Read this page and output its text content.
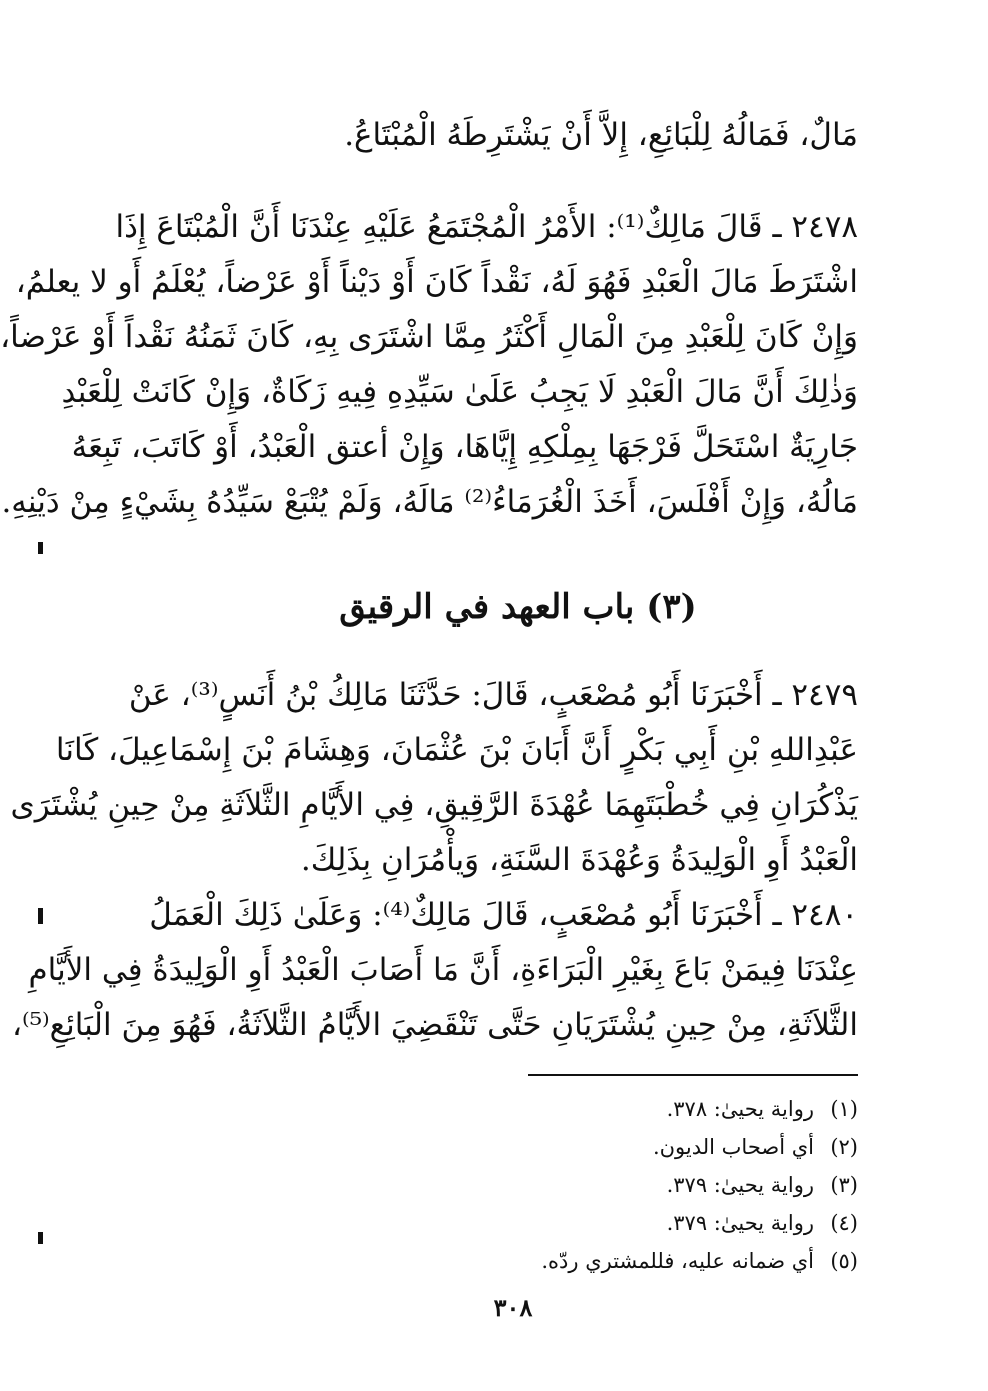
مَالٌ، فَمَالُهُ لِلْبَائِعِ، إِلاَّ أَنْ يَشْتَرِطَهُ الْمُبْتَاعُ.

٢٤٧٨ ـ قَالَ مَالِكٌ⁽¹⁾: الأَمْرُ الْمُجْتَمَعُ عَلَيْهِ عِنْدَنَا أَنَّ الْمُبْتَاعَ إِذَا
اشْتَرَطَ مَالَ الْعَبْدِ فَهُوَ لَهُ، نَقْداً كَانَ أَوْ دَيْناً أَوْ عَرْضاً، يُعْلَمُ أَو لا يعلمُ،
وَإِنْ كَانَ لِلْعَبْدِ مِنَ الْمَالِ أَكْثَرُ مِمَّا اشْتَرَى بِهِ، كَانَ ثَمَنُهُ نَقْداً أَوْ عَرْضاً،
وَذٰلِكَ أَنَّ مَالَ الْعَبْدِ لَا يَجِبُ عَلَىٰ سَيِّدِهِ فِيهِ زَكَاةٌ، وَإِنْ كَانَتْ لِلْعَبْدِ
جَارِيَةٌ اسْتَحَلَّ فَرْجَهَا بِمِلْكِهِ إِيَّاهَا، وَإِنْ أعتق الْعَبْدُ، أَوْ كَاتَبَ، تَبِعَهُ
مَالُهُ، وَإِنْ أَفْلَسَ، أَخَذَ الْغُرَمَاءُ⁽²⁾ مَالَهُ، وَلَمْ يُتْبَعْ سَيِّدُهُ بِشَيْءٍ مِنْ دَيْنِهِ.

(٣) باب العهد في الرقيق

٢٤٧٩ ـ أَخْبَرَنَا أَبُو مُصْعَبٍ، قَالَ: حَدَّثَنَا مَالِكُ بْنُ أَنَسٍ⁽³⁾، عَنْ
عَبْدِاللهِ بْنِ أَبِي بَكْرٍ أَنَّ أَبَانَ بْنَ عُثْمَانَ، وَهِشَامَ بْنَ إِسْمَاعِيلَ، كَانَا
يَذْكُرَانِ فِي خُطْبَتَهِمَا عُهْدَةَ الرَّقِيقِ، فِي الأَيَّامِ الثَّلاَثَةِ مِنْ حِينِ يُشْتَرَى
الْعَبْدُ أَوِ الْوَلِيدَةُ وَعُهْدَةَ السَّنَةِ، وَيأْمُرَانِ بِذَلِكَ.

٢٤٨٠ ـ أَخْبَرَنَا أَبُو مُصْعَبٍ، قَالَ مَالِكٌ⁽⁴⁾: وَعَلَىٰ ذَلِكَ الْعَمَلُ
عِنْدَنَا فِيمَنْ بَاعَ بِغَيْرِ الْبَرَاءَةِ، أَنَّ مَا أَصَابَ الْعَبْدُ أَوِ الْوَلِيدَةُ فِي الأَيَّامِ
الثَّلاَثَةِ، مِنْ حِينِ يُشْتَرَيَانِ حَتَّى تَنْقَضِيَ الأَيَّامُ الثَّلاَثَةُ، فَهُوَ مِنَ الْبَائِعِ⁽⁵⁾،

(١)
رواية يحيىٰ: ٣٧٨.
(٢)
أي أصحاب الديون.
(٣)
رواية يحيىٰ: ٣٧٩.
(٤)
رواية يحيىٰ: ٣٧٩.
(٥)
أي ضمانه عليه، فللمشتري ردّه.
٣٠٨
